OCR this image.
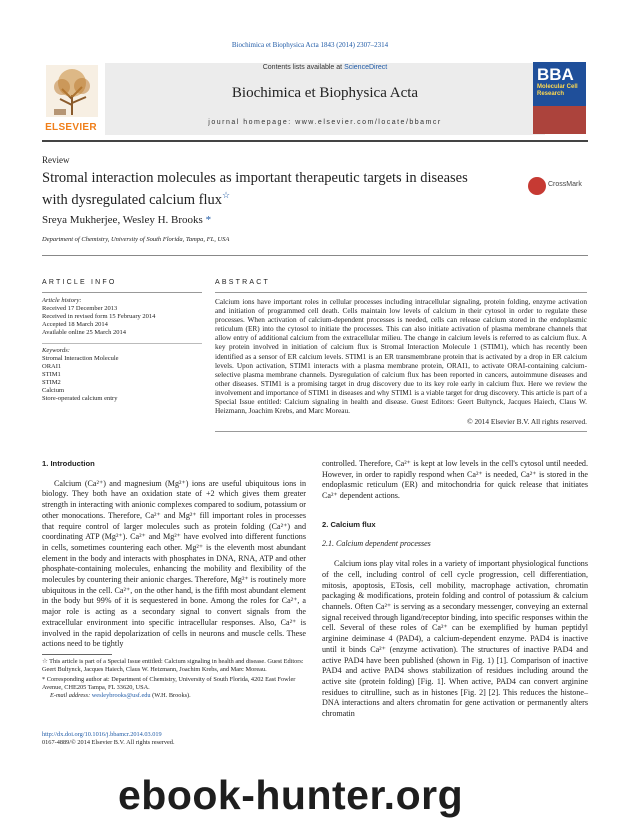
Biochimica et Biophysica Acta 1843 (2014) 2307–2314
ELSEVIER
Contents lists available at ScienceDirect
Biochimica et Biophysica Acta
journal homepage: www.elsevier.com/locate/bbamcr
BBA
Molecular Cell Research
Review
Stromal interaction molecules as important therapeutic targets in diseases with dysregulated calcium flux☆
CrossMark
Sreya Mukherjee, Wesley H. Brooks *
Department of Chemistry, University of South Florida, Tampa, FL, USA
ARTICLE INFO
Article history:
Received 17 December 2013
Received in revised form 15 February 2014
Accepted 18 March 2014
Available online 25 March 2014
Keywords:
Stromal Interaction Molecule
ORAI1
STIM1
STIM2
Calcium
Store-operated calcium entry
ABSTRACT
Calcium ions have important roles in cellular processes including intracellular signaling, protein folding, enzyme activation and initiation of programmed cell death. Cells maintain low levels of calcium in their cytosol in order to regulate these processes. When activation of calcium-dependent processes is needed, cells can release calcium stored in the endoplasmic reticulum (ER) into the cytosol to initiate the processes. This can also initiate activation of plasma membrane channels that allow entry of additional calcium from the extracellular milieu. The change in calcium levels is referred to as calcium flux. A key protein involved in initiation of calcium flux is Stromal Interaction Molecule 1 (STIM1), which has recently been identified as a sensor of ER calcium levels. STIM1 is an ER transmembrane protein that is activated by a drop in ER calcium levels. Upon activation, STIM1 interacts with a plasma membrane protein, ORAI1, to activate ORAI-containing calcium-selective plasma membrane channels. Dysregulation of calcium flux has been reported in cancers, autoimmune diseases and other diseases. STIM1 is a promising target in drug discovery due to its key role early in calcium flux. Here we review the involvement and importance of STIM1 in diseases and why STIM1 is a viable target for drug discovery. This article is part of a Special Issue entitled: Calcium signaling in health and disease. Guest Editors: Geert Bultynck, Jacques Haiech, Claus W. Heizmann, Joachim Krebs, and Marc Moreau.
© 2014 Elsevier B.V. All rights reserved.
1. Introduction

Calcium (Ca²⁺) and magnesium (Mg²⁺) ions are useful ubiquitous ions in biology. They both have an oxidation state of +2 which gives them greater strength in interacting with anionic complexes compared to sodium, potassium or other monocations. Therefore, Ca²⁺ and Mg²⁺ fill important roles in processes that require control of larger molecules such as protein folding (Ca²⁺) and coordinating ATP (Mg²⁺). Ca²⁺ and Mg²⁺ have evolved into different functions in cells, sometimes countering each other. Mg²⁺ is the eleventh most abundant element in the body and interacts with phosphates in DNA, RNA, ATP and other phosphate-containing molecules, enhancing the mobility and flexibility of the molecules by countering their anionic charges. Therefore, Mg²⁺ is routinely more ubiquitous in the cell. Ca²⁺, on the other hand, is the fifth most abundant element in the body but 99% of it is sequestered in bone. Among the roles for Ca²⁺, a major role is acting as a secondary signal to convert signals from the extracellular environment into specific intracellular responses. Also, Ca²⁺ is involved in the rapid depolarization of cells in neurons and muscle cells. These actions need to be tightly

controlled. Therefore, Ca²⁺ is kept at low levels in the cell's cytosol until needed. However, in order to rapidly respond when Ca²⁺ is needed, Ca²⁺ is stored in the endoplasmic reticulum (ER) and mitochondria for quick release that initiates Ca²⁺ dependent actions.

2. Calcium flux
2.1. Calcium dependent processes

Calcium ions play vital roles in a variety of important physiological functions of the cell, including control of cell cycle progression, cell differentiation, mitosis, apoptosis, ETosis, cell mobility, macrophage activation, chromatin packaging & modifications, protein folding and control of potassium & calcium channels. Often Ca²⁺ is serving as a secondary messenger, conveying an external signal received through ligand/receptor binding, into specific responses within the cell. Several of these roles of Ca²⁺ can be exemplified by human peptidyl arginine deiminase 4 (PAD4), a calcium-dependent enzyme. PAD4 is inactive until it binds Ca²⁺ (enzyme activation). The structures of inactive PAD4 and active PAD4 have been published (shown in Fig. 1) [1]. Comparison of inactive PAD4 and active PAD4 shows stabilization of residues including around the active site (protein folding) [Fig. 1]. When active, PAD4 can convert arginine residues to citrulline, such as in histones [Fig. 2] [2]. This reduces the histone–DNA interactions and alters chromatin for gene activation or permanently alters chromatin

☆ This article is part of a Special Issue entitled: Calcium signaling in health and disease. Guest Editors: Geert Bultynck, Jacques Haiech, Claus W. Heizmann, Joachim Krebs, and Marc Moreau.
* Corresponding author at: Department of Chemistry, University of South Florida, 4202 East Fowler Avenue, CHE205 Tampa, FL 33620, USA.
E-mail address: wesleybrooks@usf.edu (W.H. Brooks).
http://dx.doi.org/10.1016/j.bbamcr.2014.03.019
0167-4889/© 2014 Elsevier B.V. All rights reserved.
ebook-hunter.org
